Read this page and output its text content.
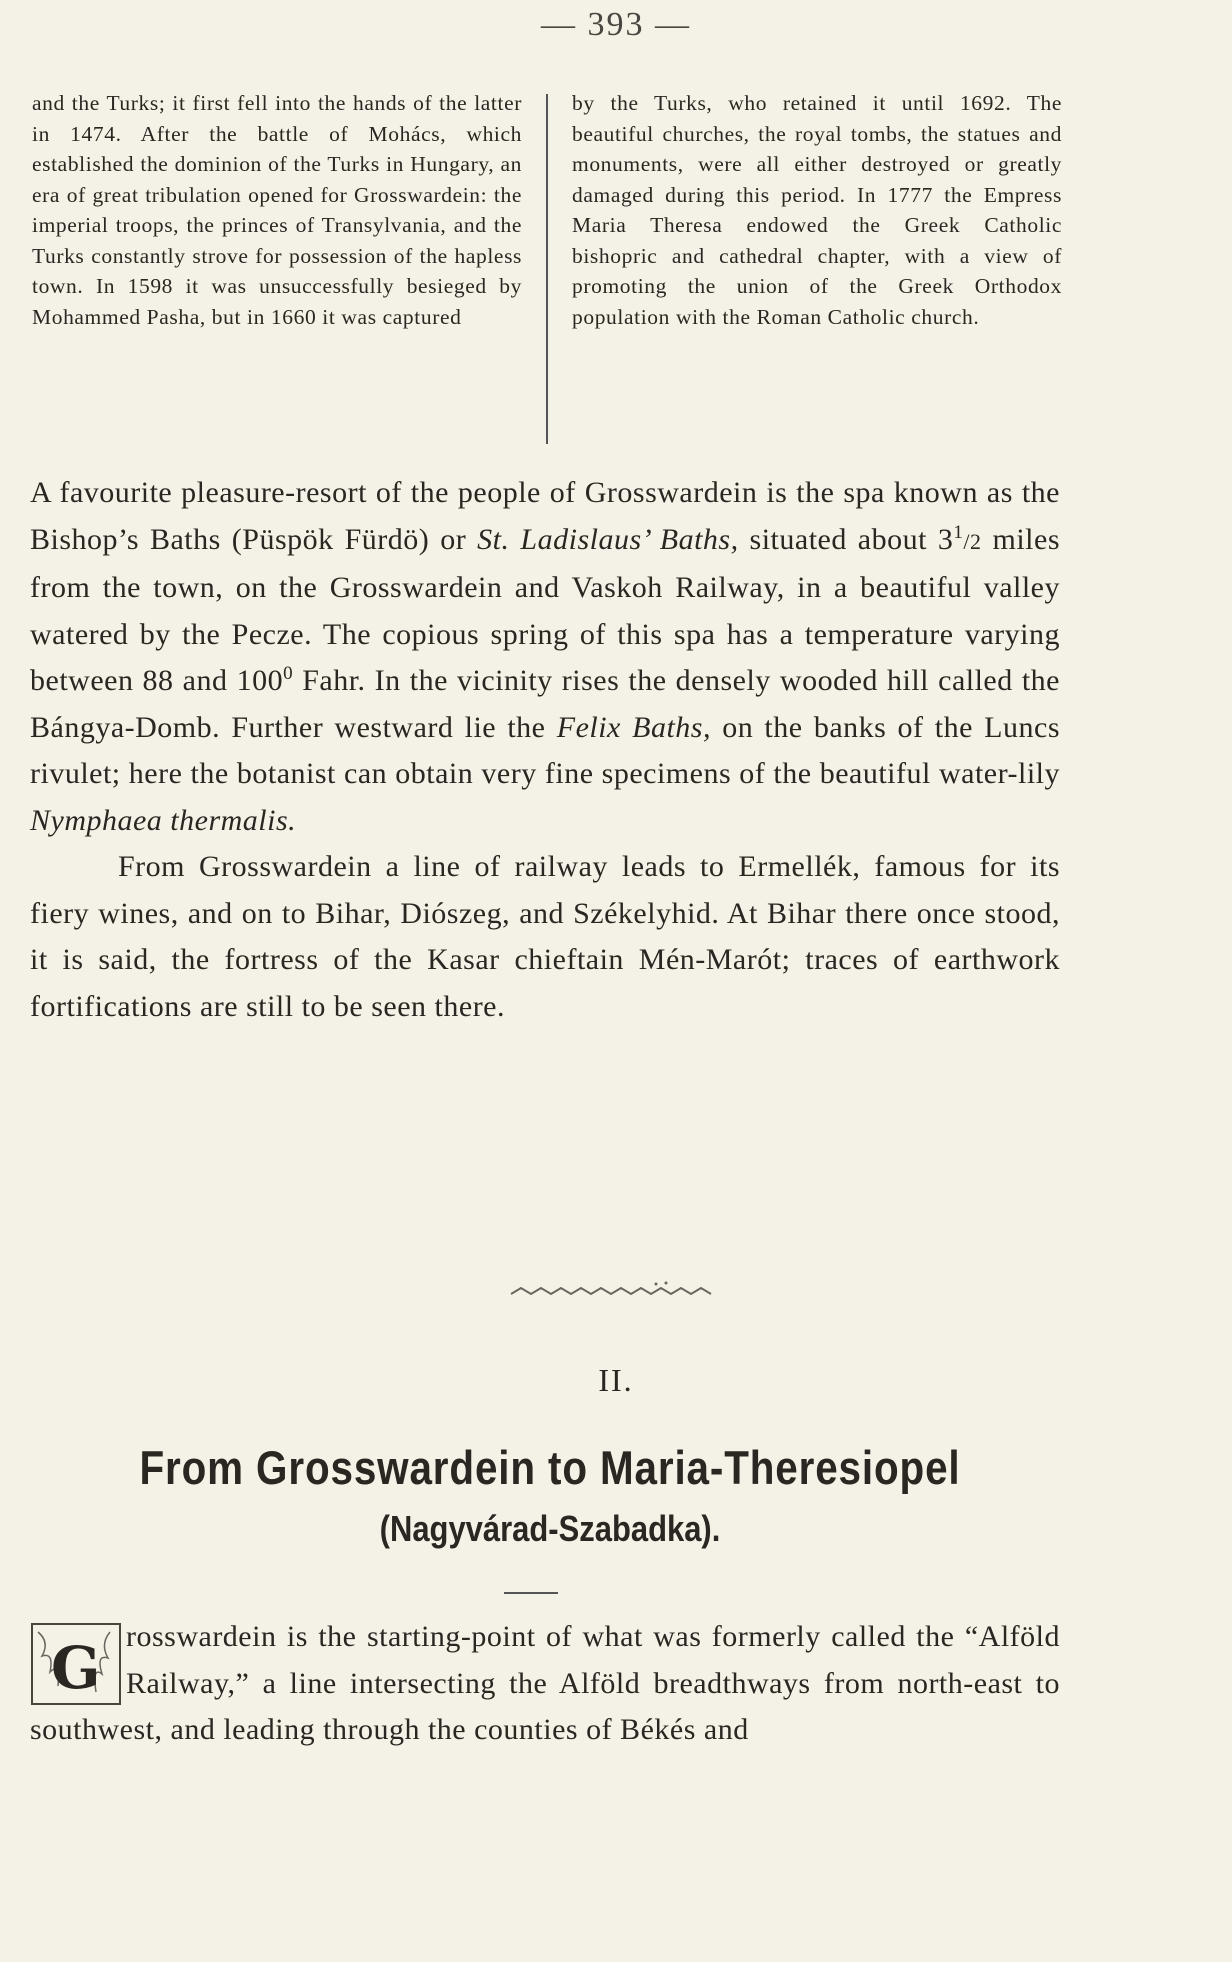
— 393 —
and the Turks; it first fell into the hands of the latter in 1474. After the battle of Mohács, which established the dominion of the Turks in Hungary, an era of great tribulation opened for Grosswardein: the imperial troops, the princes of Transylvania, and the Turks constantly strove for possession of the hapless town. In 1598 it was unsuccessfully besieged by Mohammed Pasha, but in 1660 it was captured
by the Turks, who retained it until 1692. The beautiful churches, the royal tombs, the statues and monuments, were all either destroyed or greatly damaged during this period. In 1777 the Empress Maria Theresa endowed the Greek Catholic bishopric and cathedral chapter, with a view of promoting the union of the Greek Orthodox population with the Roman Catholic church.

A favourite pleasure-resort of the people of Grosswardein is the spa known as the Bishop’s Baths (Püspök Fürdö) or St. Ladislaus’ Baths, situated about $3^1/2$ miles from the town, on the Grosswardein and Vaskoh Railway, in a beautiful valley watered by the Pecze. The copious spring of this spa has a temperature varying between 88 and $100^0$ Fahr. In the vicinity rises the densely wooded hill called the Bángya-Domb. Further westward lie the Felix Baths, on the banks of the Luncs rivulet; here the botanist can obtain very fine specimens of the beautiful water-lily Nymphaea thermalis.

From Grosswardein a line of railway leads to Ermellék, famous for its fiery wines, and on to Bihar, Diószeg, and Székelyhid. At Bihar there once stood, it is said, the fortress of the Kasar chieftain Mén-Marót; traces of earthwork fortifications are still to be seen there.

II.
From Grosswardein to Maria-Theresiopel
(Nagyvárad-Szabadka).
G rosswardein is the starting-point of what was formerly called the “Alföld Railway,” a line intersecting the Alföld breadthways from north-east to southwest, and leading through the counties of Békés and
